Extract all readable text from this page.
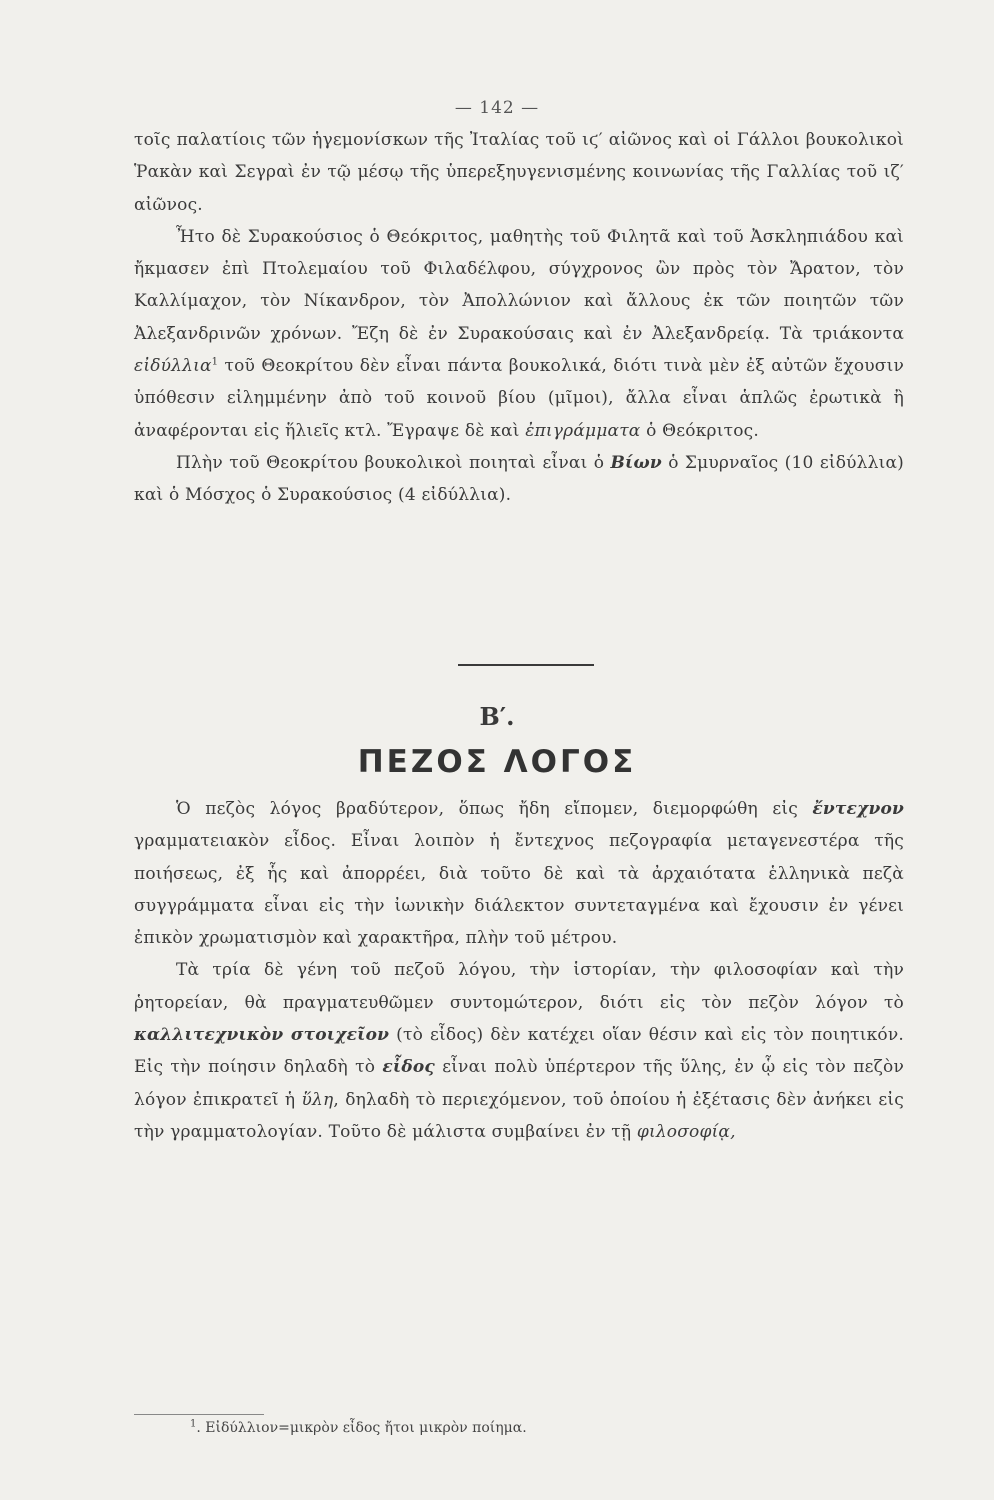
— 142 —

τοῖς παλατίοις τῶν ἡγεμονίσκων τῆς Ἰταλίας τοῦ ιϛ′ αἰῶνος καὶ οἱ Γάλλοι βουκολικοὶ Ῥακὰν καὶ Σεγραὶ ἐν τῷ μέσῳ τῆς ὑπερεξηυγενισμένης κοινωνίας τῆς Γαλλίας τοῦ ιζ′ αἰῶνος.

Ἦτο δὲ Συρακούσιος ὁ Θεόκριτος, μαθητὴς τοῦ Φιλητᾶ καὶ τοῦ Ἀσκληπιάδου καὶ ἤκμασεν ἐπὶ Πτολεμαίου τοῦ Φιλαδέλφου, σύγχρονος ὢν πρὸς τὸν Ἄρατον, τὸν Καλλίμαχον, τὸν Νίκανδρον, τὸν Ἀπολλώνιον καὶ ἄλλους ἐκ τῶν ποιητῶν τῶν Ἀλεξανδρινῶν χρόνων. Ἔζη δὲ ἐν Συρακούσαις καὶ ἐν Ἀλεξανδρείᾳ. Τὰ τριάκοντα εἰδύλλια$^1$ τοῦ Θεοκρίτου δὲν εἶναι πάντα βουκολικά, διότι τινὰ μὲν ἐξ αὐτῶν ἔχουσιν ὑπόθεσιν εἰλημμένην ἀπὸ τοῦ κοινοῦ βίου (μῖμοι), ἄλλα εἶναι ἁπλῶς ἐρωτικὰ ἢ ἀναφέρονται εἰς ἥλιεῖς κτλ. Ἔγραψε δὲ καὶ ἐπιγράμματα ὁ Θεόκριτος.

Πλὴν τοῦ Θεοκρίτου βουκολικοὶ ποιηταὶ εἶναι ὁ Βίων ὁ Σμυρναῖος (10 εἰδύλλια) καὶ ὁ Μόσχος ὁ Συρακούσιος (4 εἰδύλλια).

Β′.
ΠΕΖΟΣ ΛΟΓΟΣ

Ὁ πεζὸς λόγος βραδύτερον, ὅπως ἤδη εἴπομεν, διεμορφώθη εἰς ἔντεχνον γραμματειακὸν εἶδος. Εἶναι λοιπὸν ἡ ἔντεχνος πεζογραφία μεταγενεστέρα τῆς ποιήσεως, ἐξ ἧς καὶ ἀπορρέει, διὰ τοῦτο δὲ καὶ τὰ ἀρχαιότατα ἑλληνικὰ πεζὰ συγγράμματα εἶναι εἰς τὴν ἰωνικὴν διάλεκτον συντεταγμένα καὶ ἔχουσιν ἐν γένει ἐπικὸν χρωματισμὸν καὶ χαρακτῆρα, πλὴν τοῦ μέτρου.

Τὰ τρία δὲ γένη τοῦ πεζοῦ λόγου, τὴν ἱστορίαν, τὴν φιλοσοφίαν καὶ τὴν ῥητορείαν, θὰ πραγματευθῶμεν συντομώτερον, διότι εἰς τὸν πεζὸν λόγον τὸ καλλιτεχνικὸν στοιχεῖον (τὸ εἶδος) δὲν κατέχει οἵαν θέσιν καὶ εἰς τὸν ποιητικόν. Εἰς τὴν ποίησιν δηλαδὴ τὸ εἶδος εἶναι πολὺ ὑπέρτερον τῆς ὕλης, ἐν ᾧ εἰς τὸν πεζὸν λόγον ἐπικρατεῖ ἡ ὕλη, δηλαδὴ τὸ περιεχόμενον, τοῦ ὁποίου ἡ ἐξέτασις δὲν ἀνήκει εἰς τὴν γραμματολογίαν. Τοῦτο δὲ μάλιστα συμβαίνει ἐν τῇ φιλοσοφίᾳ,

$^1$. Εἰδύλλιον=μικρὸν εἶδος ἤτοι μικρὸν ποίημα.
